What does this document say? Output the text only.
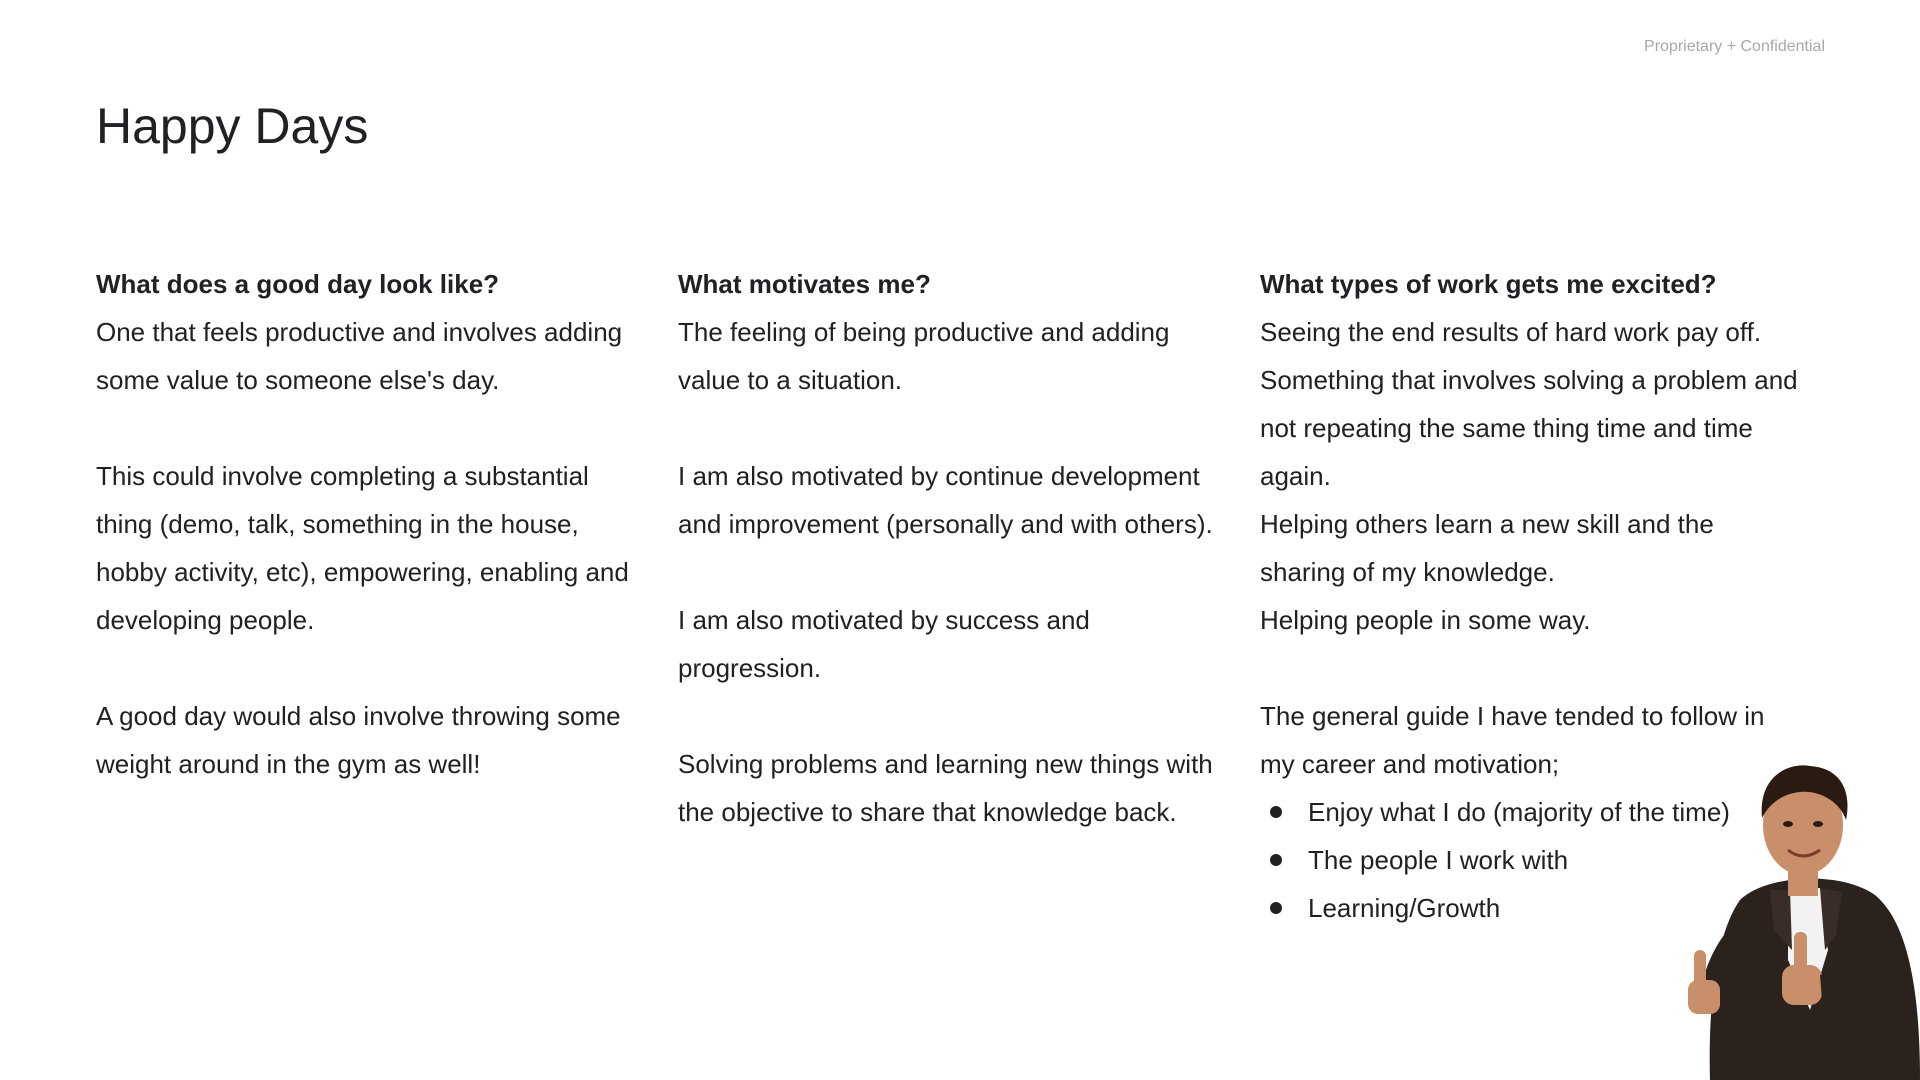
Proprietary + Confidential
Happy Days

What does a good day look like?

One that feels productive and involves adding some value to someone else's day.

This could involve completing a substantial thing (demo, talk, something in the house, hobby activity, etc), empowering, enabling and developing people.

A good day would also involve throwing some weight around in the gym as well!

What motivates me?

The feeling of being productive and adding value to a situation.

I am also motivated by continue development and improvement (personally and with others).

I am also motivated by success and progression.

Solving problems and learning new things with the objective to share that knowledge back.

What types of work gets me excited?

Seeing the end results of hard work pay off.

Something that involves solving a problem and not repeating the same thing time and time again.

Helping others learn a new skill and the sharing of my knowledge.

Helping people in some way.

The general guide I have tended to follow in my career and motivation;

Enjoy what I do (majority of the time)
The people I work with
Learning/Growth
